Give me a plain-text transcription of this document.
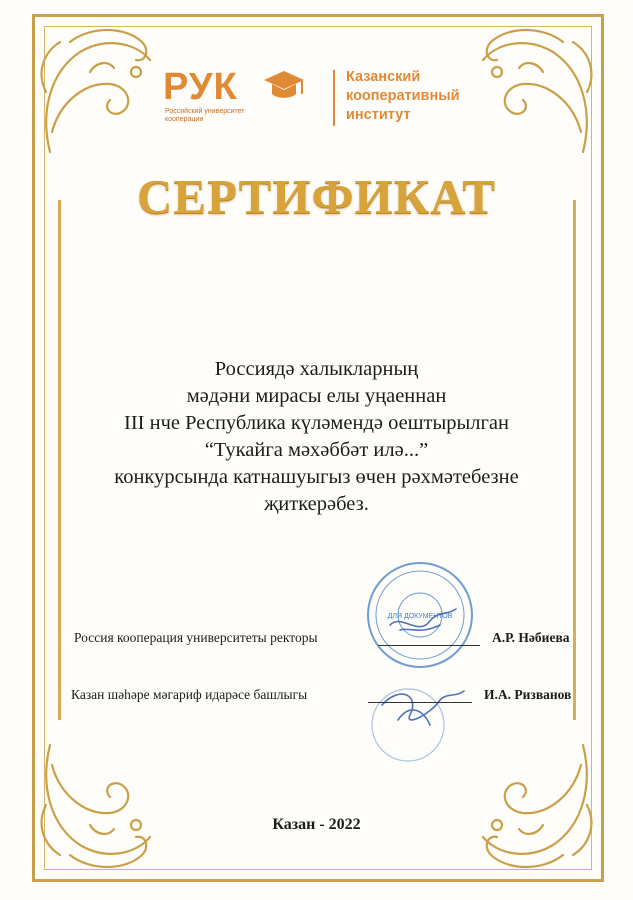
РУК
Российский университет кооперации
Казанский
кооперативный
институт
СЕРТИФИКАТ
Россиядә халыкларның
мәдәни мирасы елы уңаеннан
III нче Республика күләмендә оештырылган
“Тукайга мәхәббәт илә...”
конкурсында катнашуыгыз өчен рәхмәтебезне
җиткерәбез.
ДЛЯ ДОКУМЕНТОВ
Россия кооперация университеты ректоры	А.Р. Нәбиева
Казан шәһәре мәгариф идарәсе башлыгы	И.А. Ризванов
Казан - 2022
